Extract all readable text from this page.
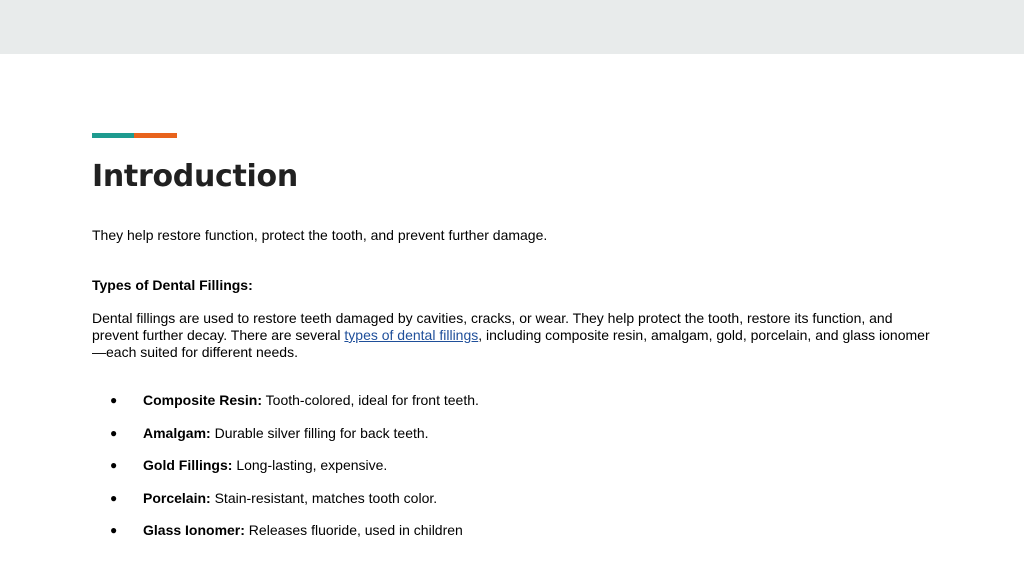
Introduction

They help restore function, protect the tooth, and prevent further damage.

Types of Dental Fillings:

Dental fillings are used to restore teeth damaged by cavities, cracks, or wear. They help protect the tooth, restore its function, and prevent further decay. There are several types of dental fillings, including composite resin, amalgam, gold, porcelain, and glass ionomer—each suited for different needs.

● Composite Resin: Tooth-colored, ideal for front teeth.
● Amalgam: Durable silver filling for back teeth.
● Gold Fillings: Long-lasting, expensive.
● Porcelain: Stain-resistant, matches tooth color.
● Glass Ionomer: Releases fluoride, used in children
